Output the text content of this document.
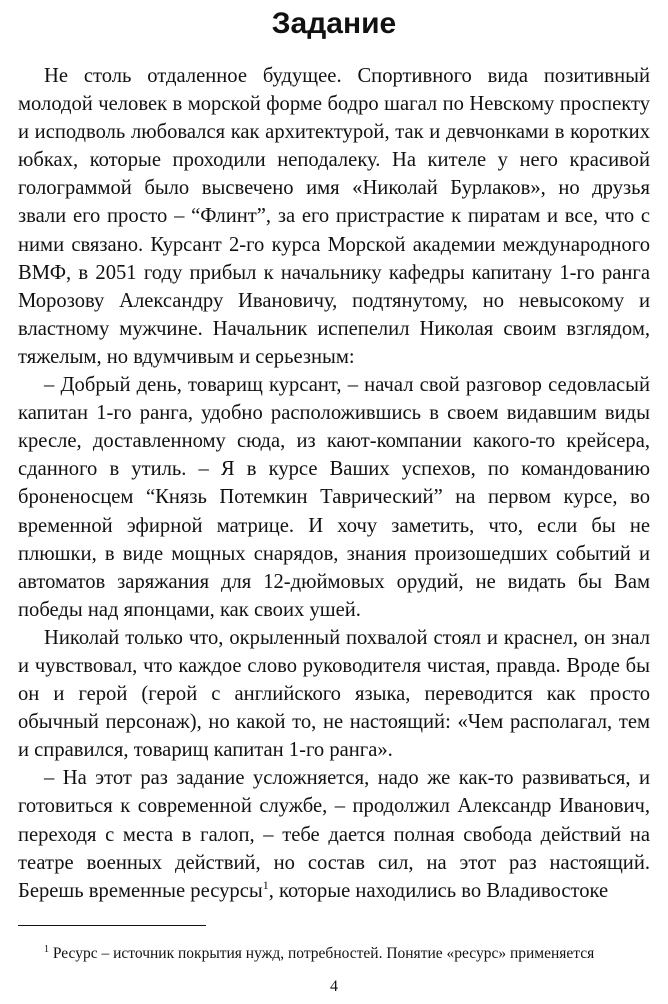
Задание

Не столь отдаленное будущее. Спортивного вида позитивный молодой человек в морской форме бодро шагал по Невскому проспекту и исподволь любовался как архитектурой, так и девчонками в коротких юбках, которые проходили неподалеку. На кителе у него красивой голограммой было высвечено имя «Николай Бурлаков», но друзья звали его просто – “Флинт”, за его пристрастие к пиратам и все, что с ними связано. Курсант 2-го курса Морской академии международного ВМФ, в 2051 году прибыл к начальнику кафедры капитану 1-го ранга Морозову Александру Ивановичу, подтянутому, но невысокому и властному мужчине. Начальник испепелил Николая своим взглядом, тяжелым, но вдумчивым и серьезным:

– Добрый день, товарищ курсант, – начал свой разговор седовласый капитан 1-го ранга, удобно расположившись в своем видавшим виды кресле, доставленному сюда, из кают-компании какого-то крейсера, сданного в утиль. – Я в курсе Ваших успехов, по командованию броненосцем “Князь Потемкин Таврический” на первом курсе, во временной эфирной матрице. И хочу заметить, что, если бы не плюшки, в виде мощных снарядов, знания произошедших событий и автоматов заряжания для 12-дюймовых орудий, не видать бы Вам победы над японцами, как своих ушей.

Николай только что, окрыленный похвалой стоял и краснел, он знал и чувствовал, что каждое слово руководителя чистая, правда. Вроде бы он и герой (герой с английского языка, переводится как просто обычный персонаж), но какой то, не настоящий: «Чем располагал, тем и справился, товарищ капитан 1-го ранга».

– На этот раз задание усложняется, надо же как-то развиваться, и готовиться к современной службе, – продолжил Александр Иванович, переходя с места в галоп, – тебе дается полная свобода действий на театре военных действий, но состав сил, на этот раз настоящий. Берешь временные ресурсы$^1$, которые находились во Владивостоке

$^1$ Ресурс – источник покрытия нужд, потребностей. Понятие «ресурс» применяется
4
